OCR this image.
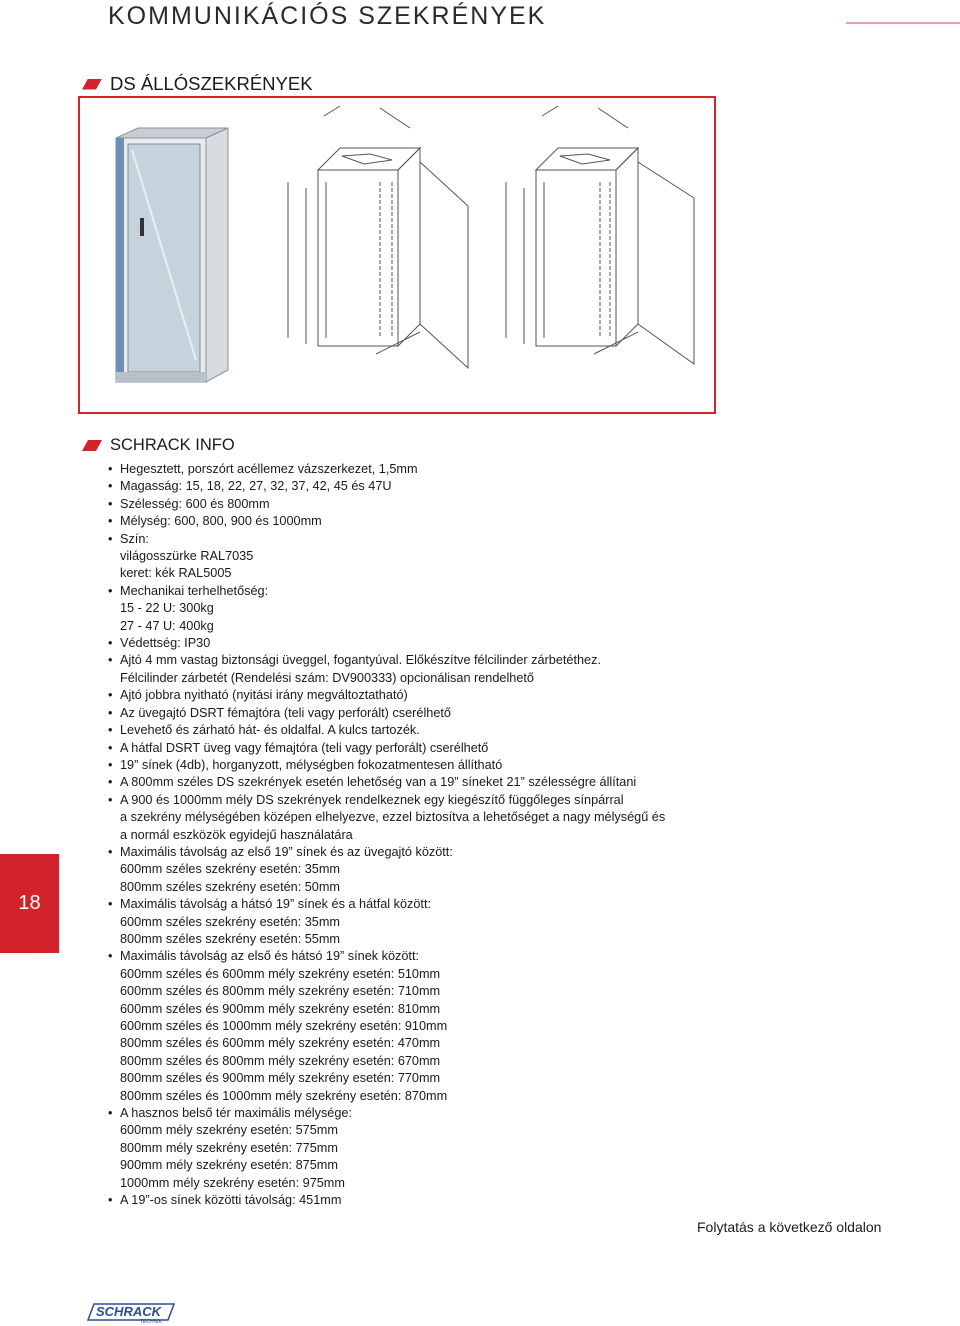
KOMMUNIKÁCIÓS SZEKRÉNYEK
DS ÁLLÓSZEKRÉNYEK
SCHRACK INFO
• Hegesztett, porszórt acéllemez vázszerkezet, 1,5mm
• Magasság: 15, 18, 22, 27, 32, 37, 42, 45 és 47U
• Szélesség: 600 és 800mm
• Mélység: 600, 800, 900 és 1000mm
• Szín:
világosszürke RAL7035
keret: kék RAL5005
• Mechanikai terhelhetőség:
15 - 22 U: 300kg
27 - 47 U: 400kg
• Védettség: IP30
• Ajtó 4 mm vastag biztonsági üveggel, fogantyúval. Előkészítve félcilinder zárbetéthez.
Félcilinder zárbetét (Rendelési szám: DV900333) opcionálisan rendelhető
• Ajtó jobbra nyitható (nyitási irány megváltoztatható)
• Az üvegajtó DSRT fémajtóra (teli vagy perforált) cserélhető
• Levehető és zárható hát- és oldalfal. A kulcs tartozék.
• A hátfal DSRT üveg vagy fémajtóra (teli vagy perforált) cserélhető
• 19” sínek (4db), horganyzott, mélységben fokozatmentesen állítható
• A 800mm széles DS szekrények esetén lehetőség van a 19” síneket 21” szélességre állítani
• A 900 és 1000mm mély DS szekrények rendelkeznek egy kiegészítő függőleges sínpárral
a szekrény mélységében középen elhelyezve, ezzel biztosítva a lehetőséget a nagy mélységű és
a normál eszközök egyidejű használatára
• Maximális távolság az első 19” sínek és az üvegajtó között:
600mm széles szekrény esetén: 35mm
800mm széles szekrény esetén: 50mm
• Maximális távolság a hátsó 19” sínek és a hátfal között:
600mm széles szekrény esetén: 35mm
800mm széles szekrény esetén: 55mm
• Maximális távolság az első és hátsó 19” sínek között:
600mm széles és 600mm mély szekrény esetén: 510mm
600mm széles és 800mm mély szekrény esetén: 710mm
600mm széles és 900mm mély szekrény esetén: 810mm
600mm széles és 1000mm mély szekrény esetén: 910mm
800mm széles és 600mm mély szekrény esetén: 470mm
800mm széles és 800mm mély szekrény esetén: 670mm
800mm széles és 900mm mély szekrény esetén: 770mm
800mm széles és 1000mm mély szekrény esetén: 870mm
• A hasznos belső tér maximális mélysége:
600mm mély szekrény esetén: 575mm
800mm mély szekrény esetén: 775mm
900mm mély szekrény esetén: 875mm
1000mm mély szekrény esetén: 975mm
• A 19”-os sínek közötti távolság: 451mm
18
Folytatás a következő oldalon
SCHRACK
TECHNIK
